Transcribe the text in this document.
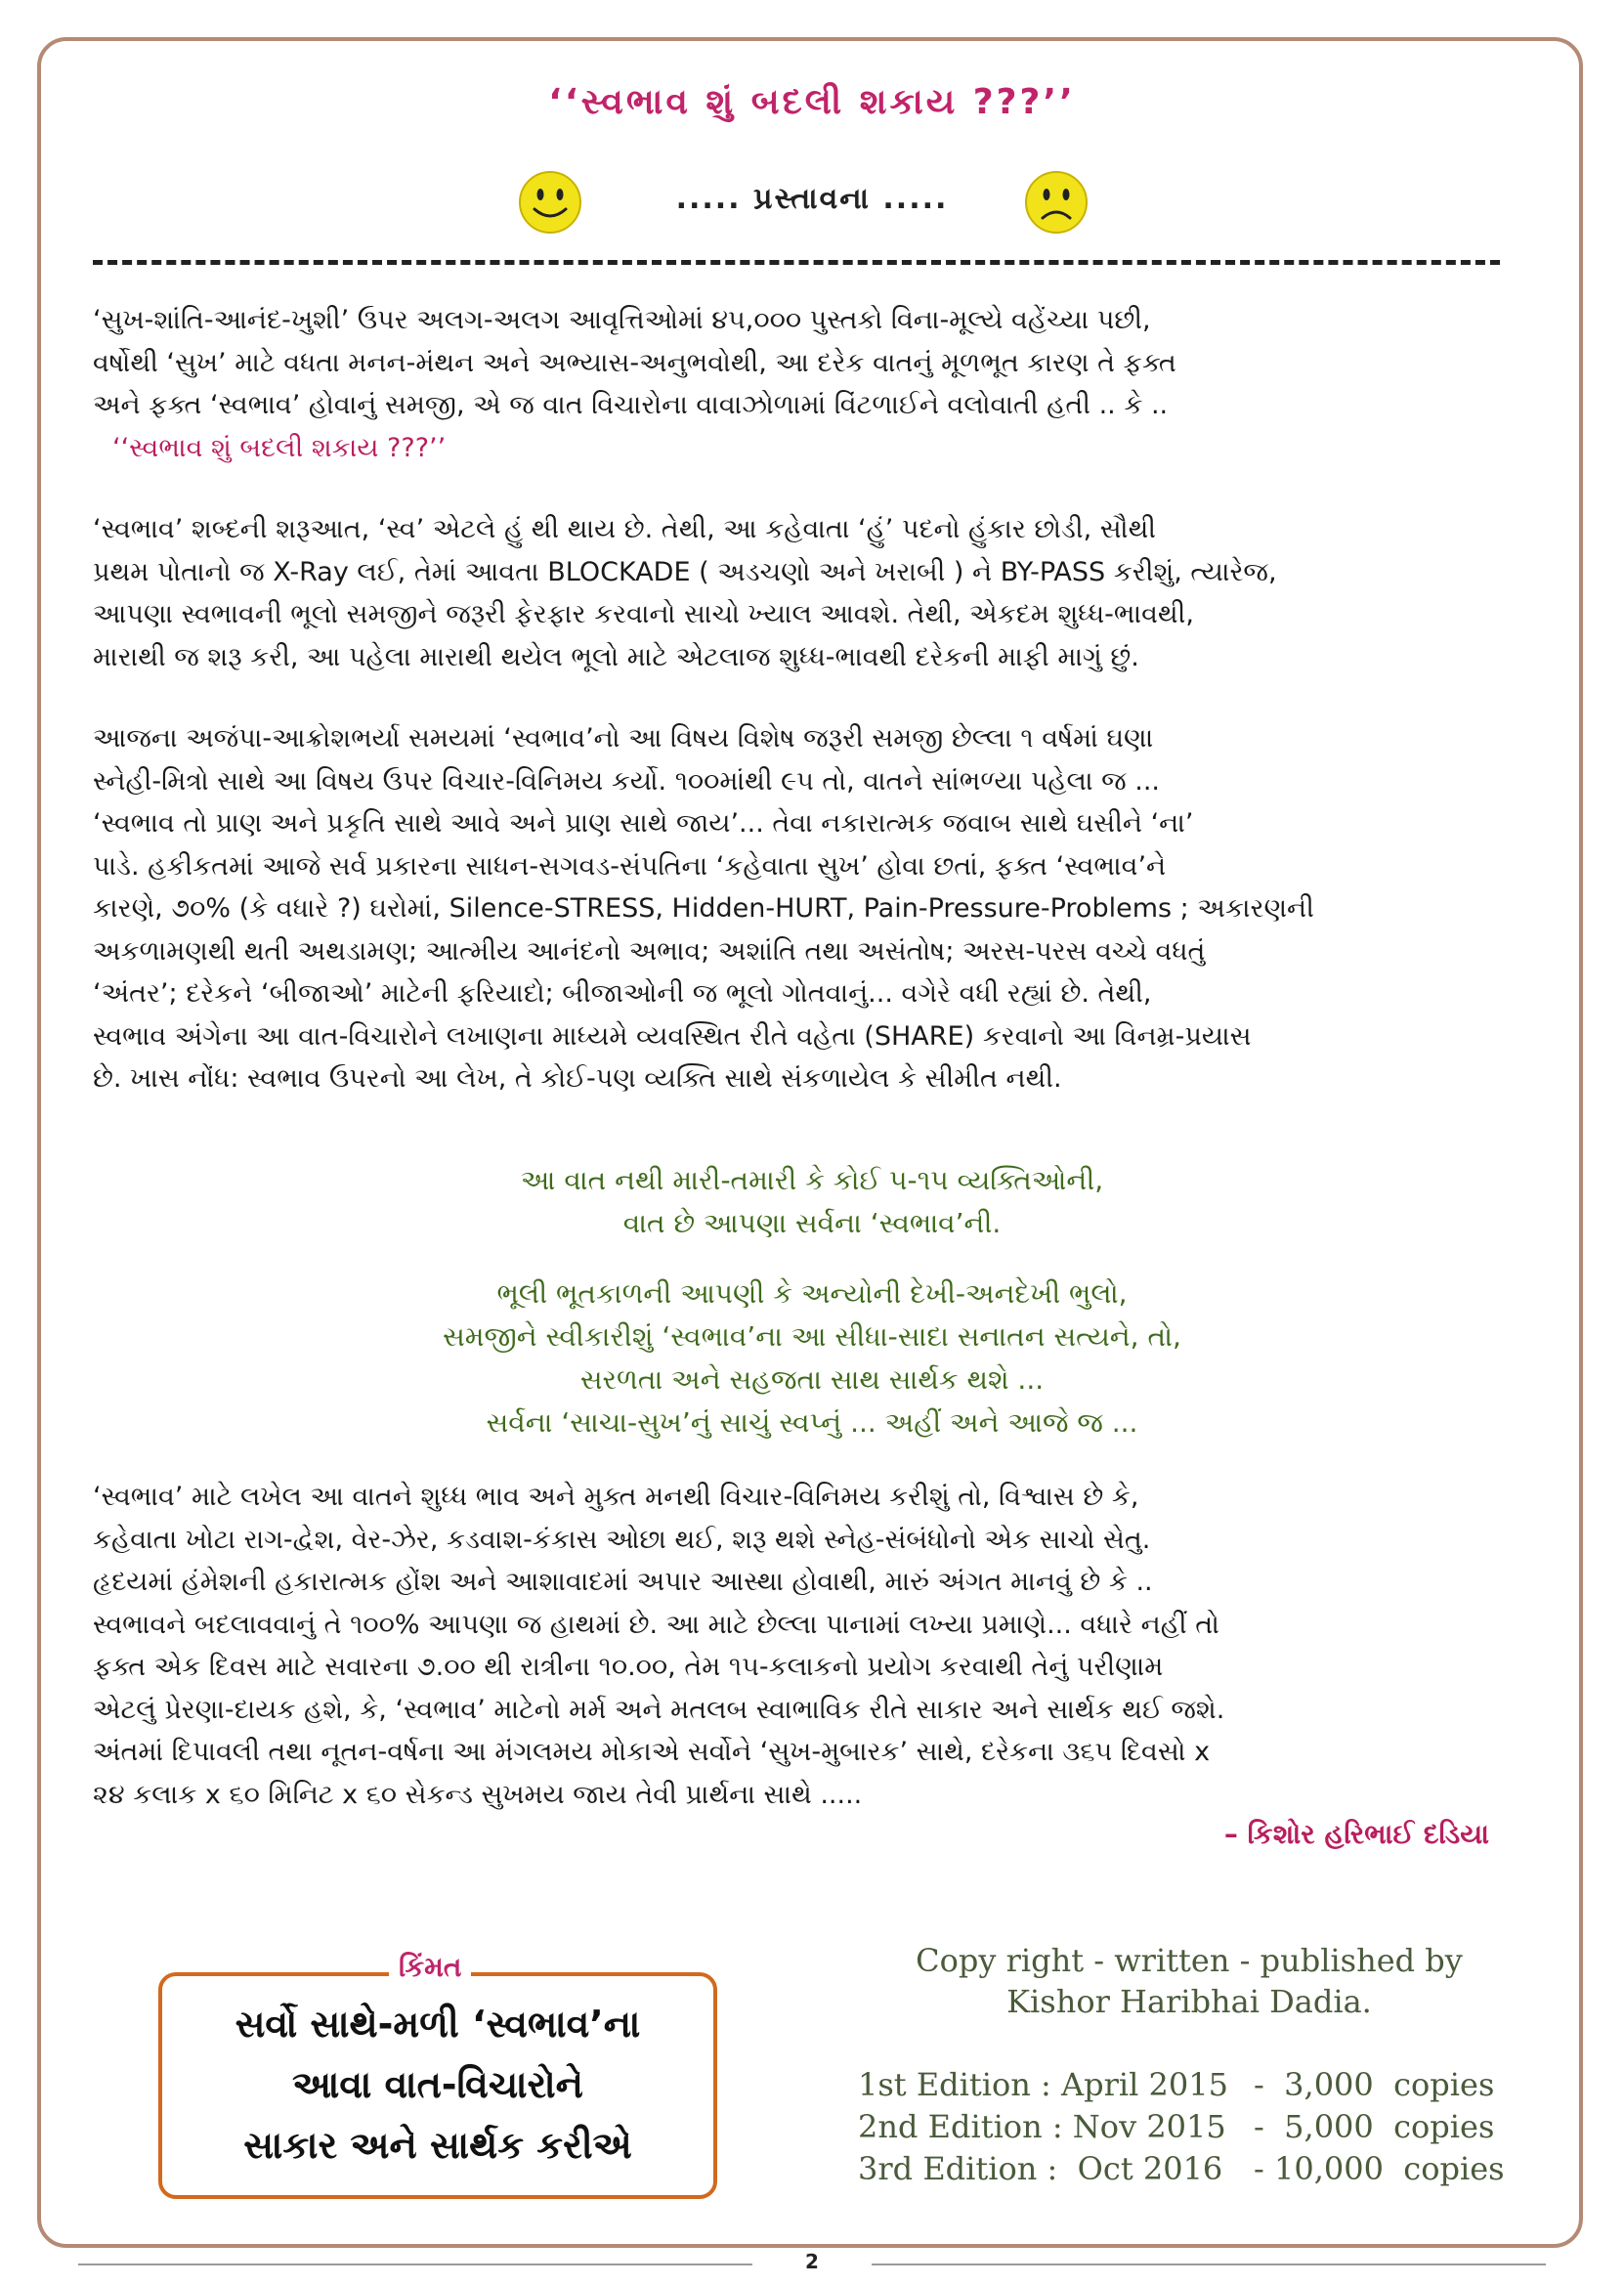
‘‘સ્વભાવ શું બદલી શકાય ???’’
..... પ્રસ્તાવના .....

‘સુખ-શાંતિ-આનંદ-ખુશી’ ઉપર અલગ-અલગ આવૃત્તિઓમાં ૪૫,૦૦૦ પુસ્તકો વિના-મૂલ્યે વહેંચ્યા પછી,

વર્ષોથી ‘સુખ’ માટે વધતા મનન-મંથન અને અભ્યાસ-અનુભવોથી, આ દરેક વાતનું મૂળભૂત કારણ તે ફક્ત

અને ફક્ત ‘સ્વભાવ’ હોવાનું સમજી, એ જ વાત વિચારોના વાવાઝોળામાં વિંટળાઈને વલોવાતી હતી .. કે ..

‘‘સ્વભાવ શું બદલી શકાય ???’’

‘સ્વભાવ’ શબ્દની શરૂઆત, ‘સ્વ’ એટલે હું થી થાય છે. તેથી, આ કહેવાતા ‘હું’ પદનો હુંકાર છોડી, સૌથી

પ્રથમ પોતાનો જ X-Ray લઈ, તેમાં આવતા BLOCKADE ( અડચણો અને ખરાબી ) ને BY-PASS કરીશું, ત્યારેજ,

આપણા સ્વભાવની ભૂલો સમજીને જરૂરી ફેરફાર કરવાનો સાચો ખ્યાલ આવશે. તેથી, એકદમ શુધ્ધ-ભાવથી,

મારાથી જ શરૂ કરી, આ પહેલા મારાથી થયેલ ભૂલો માટે એટલાજ શુધ્ધ-ભાવથી દરેકની માફી માગું છું.

આજના અજંપા-આક્રોશભર્યા સમયમાં ‘સ્વભાવ’નો આ વિષય વિશેષ જરૂરી સમજી છેલ્લા ૧ વર્ષમાં ઘણા

સ્નેહી-મિત્રો સાથે આ વિષય ઉપર વિચાર-વિનિમય કર્યો. ૧૦૦માંથી ૯૫ તો, વાતને સાંભળ્યા પહેલા જ ...

‘સ્વભાવ તો પ્રાણ અને પ્રકૃતિ સાથે આવે અને પ્રાણ સાથે જાય’... તેવા નકારાત્મક જવાબ સાથે ઘસીને ‘ના’

પાડે. હકીકતમાં આજે સર્વ પ્રકારના સાધન-સગવડ-સંપતિના ‘કહેવાતા સુખ’ હોવા છતાં, ફક્ત ‘સ્વભાવ’ને

કારણે, ૭૦% (કે વધારે ?) ઘરોમાં, Silence-STRESS, Hidden-HURT, Pain-Pressure-Problems ; અકારણની

અકળામણથી થતી અથડામણ; આત્મીય આનંદનો અભાવ; અશાંતિ તથા અસંતોષ; અરસ-પરસ વચ્ચે વધતું

‘અંતર’; દરેકને ‘બીજાઓ’ માટેની ફરિયાદો; બીજાઓની જ ભૂલો ગોતવાનું... વગેરે વધી રહ્યાં છે. તેથી,

સ્વભાવ અંગેના આ વાત-વિચારોને લખાણના માધ્યમે વ્યવસ્થિત રીતે વહેતા (SHARE) કરવાનો આ વિનમ્ર-પ્રયાસ

છે. ખાસ નોંધ: સ્વભાવ ઉપરનો આ લેખ, તે કોઈ-પણ વ્યક્તિ સાથે સંકળાયેલ કે સીમીત નથી.

આ વાત નથી મારી-તમારી કે કોઈ ૫-૧૫ વ્યક્તિઓની,

વાત છે આપણા સર્વના ‘સ્વભાવ’ની.

ભૂલી ભૂતકાળની આપણી કે અન્યોની દેખી-અનદેખી ભુલો,

સમજીને સ્વીકારીશું ‘સ્વભાવ’ના આ સીધા-સાદા સનાતન સત્યને, તો,

સરળતા અને સહજતા સાથ સાર્થક થશે ...

સર્વના ‘સાચા-સુખ’નું સાચું સ્વપ્નું ... અહીં અને આજે જ ...

‘સ્વભાવ’ માટે લખેલ આ વાતને શુધ્ધ ભાવ અને મુક્ત મનથી વિચાર-વિનિમય કરીશું તો, વિશ્વાસ છે કે,

કહેવાતા ખોટા રાગ-દ્વેશ, વેર-ઝેર, કડવાશ-કંકાસ ઓછા થઈ, શરૂ થશે સ્નેહ-સંબંધોનો એક સાચો સેતુ.

હૃદયમાં હંમેશની હકારાત્મક હોંશ અને આશાવાદમાં અપાર આસ્થા હોવાથી, મારું અંગત માનવું છે કે ..

સ્વભાવને બદલાવવાનું તે ૧૦૦% આપણા જ હાથમાં છે. આ માટે છેલ્લા પાનામાં લખ્યા પ્રમાણે... વધારે નહીં તો

ફક્ત એક દિવસ માટે સવારના ૭.૦૦ થી રાત્રીના ૧૦.૦૦, તેમ ૧૫-કલાકનો પ્રયોગ કરવાથી તેનું પરીણામ

એટલું પ્રેરણા-દાયક હશે, કે, ‘સ્વભાવ’ માટેનો મર્મ અને મતલબ સ્વાભાવિક રીતે સાકાર અને સાર્થક થઈ જશે.

અંતમાં દિપાવલી તથા નૂતન-વર્ષના આ મંગલમય મોકાએ સર્વોને ‘સુખ-મુબારક’ સાથે, દરેકના ૩૬૫ દિવસો x

૨૪ કલાક x ૬૦ મિનિટ x ૬૦ સેકન્ડ સુખમય જાય તેવી પ્રાર્થના સાથે .....

– કિશોર હરિભાઈ દડિયા
કિંમત
સર્વો સાથે-મળી ‘સ્વભાવ’ના
આવા વાત-વિચારોને
સાકાર અને સાર્થક કરીએ
Copy right - written - published by
Kishor Haribhai Dadia.
1st Edition : April 2015 -  3,000  copies
2nd Edition : Nov 2015 -  5,000  copies
3rd Edition :  Oct 2016 - 10,000  copies
2
